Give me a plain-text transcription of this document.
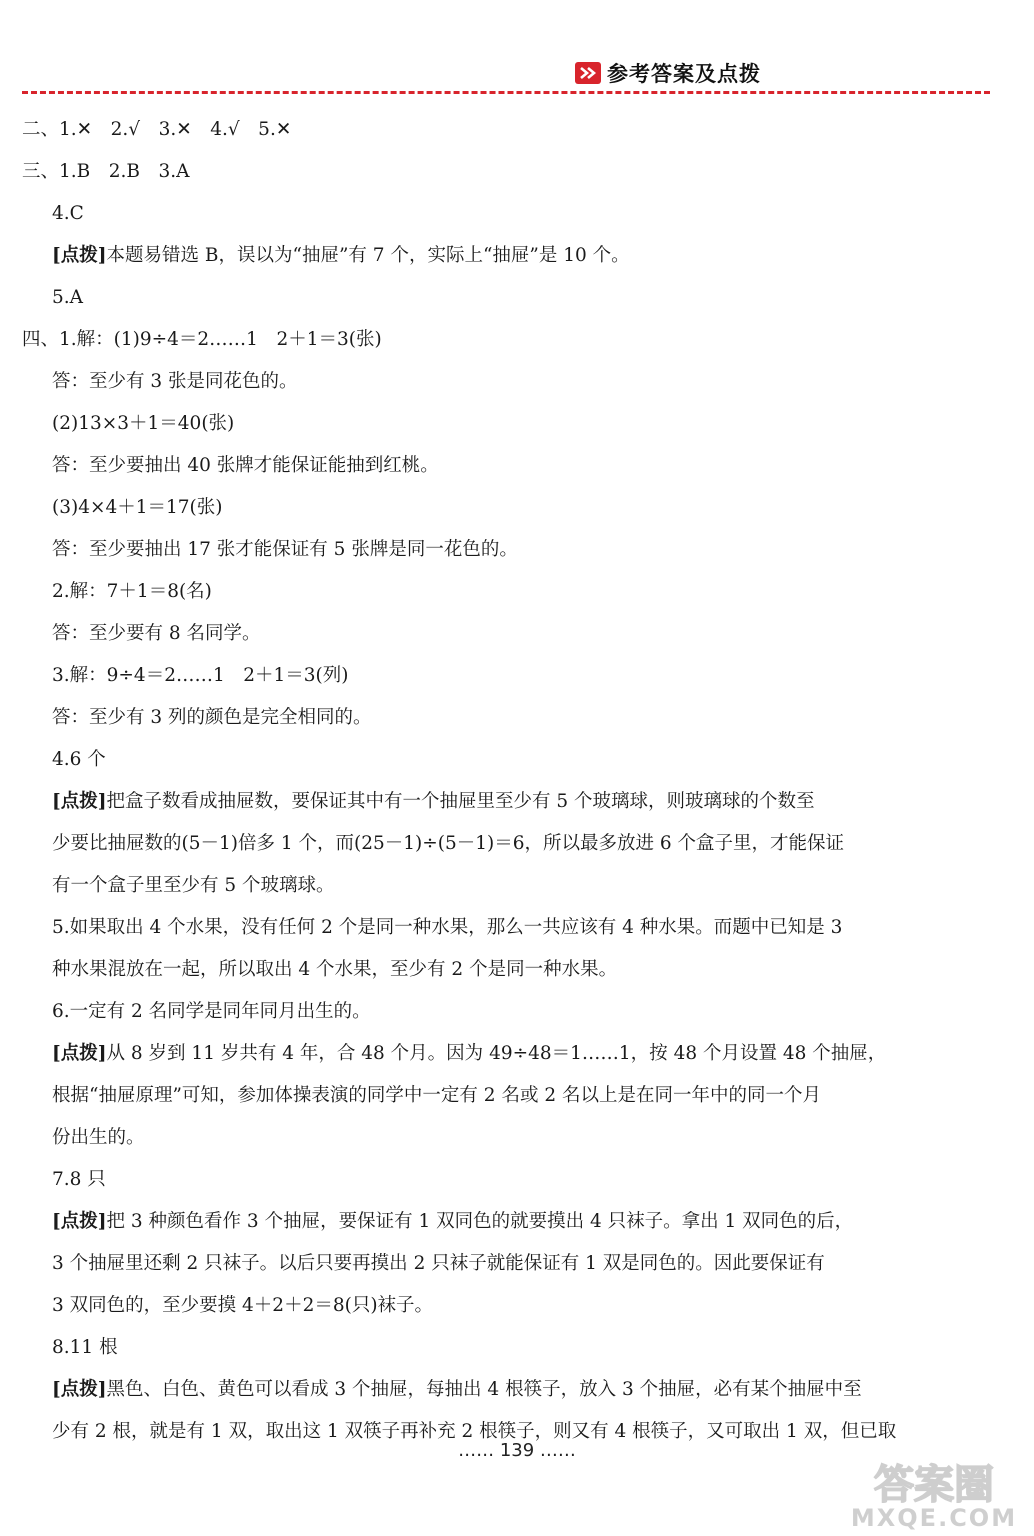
参考答案及点拨
二、1.✕　2.√　3.✕　4.√　5.✕
三、1.B　2.B　3.A
4.C
[点拨]本题易错选 B，误以为“抽屉”有 7 个，实际上“抽屉”是 10 个。
5.A
四、1.解：(1)9÷4＝2……1　2＋1＝3(张)
答：至少有 3 张是同花色的。
(2)13×3＋1＝40(张)
答：至少要抽出 40 张牌才能保证能抽到红桃。
(3)4×4＋1＝17(张)
答：至少要抽出 17 张才能保证有 5 张牌是同一花色的。
2.解：7＋1＝8(名)
答：至少要有 8 名同学。
3.解：9÷4＝2……1　2＋1＝3(列)
答：至少有 3 列的颜色是完全相同的。
4.6 个
[点拨]把盒子数看成抽屉数，要保证其中有一个抽屉里至少有 5 个玻璃球，则玻璃球的个数至
少要比抽屉数的(5－1)倍多 1 个，而(25－1)÷(5－1)＝6，所以最多放进 6 个盒子里，才能保证
有一个盒子里至少有 5 个玻璃球。
5.如果取出 4 个水果，没有任何 2 个是同一种水果，那么一共应该有 4 种水果。而题中已知是 3
种水果混放在一起，所以取出 4 个水果，至少有 2 个是同一种水果。
6.一定有 2 名同学是同年同月出生的。
[点拨]从 8 岁到 11 岁共有 4 年，合 48 个月。因为 49÷48＝1……1，按 48 个月设置 48 个抽屉，
根据“抽屉原理”可知，参加体操表演的同学中一定有 2 名或 2 名以上是在同一年中的同一个月
份出生的。
7.8 只
[点拨]把 3 种颜色看作 3 个抽屉，要保证有 1 双同色的就要摸出 4 只袜子。拿出 1 双同色的后，
3 个抽屉里还剩 2 只袜子。以后只要再摸出 2 只袜子就能保证有 1 双是同色的。因此要保证有
3 双同色的，至少要摸 4＋2＋2＝8(只)袜子。
8.11 根
[点拨]黑色、白色、黄色可以看成 3 个抽屉，每抽出 4 根筷子，放入 3 个抽屉，必有某个抽屉中至
少有 2 根，就是有 1 双，取出这 1 双筷子再补充 2 根筷子，则又有 4 根筷子，又可取出 1 双，但已取
…… 139 ……
答案圈
MXQE.COM
